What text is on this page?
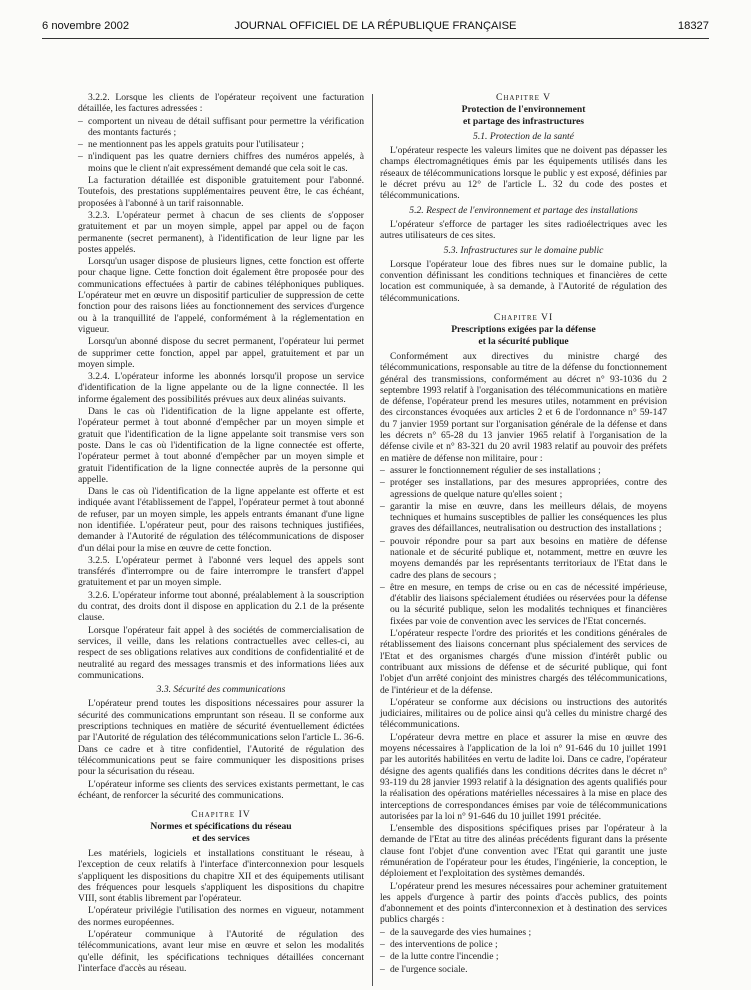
6 novembre 2002	JOURNAL OFFICIEL DE LA RÉPUBLIQUE FRANÇAISE	18327

3.2.2. Lorsque les clients de l'opérateur reçoivent une facturation détaillée, les factures adressées :

– comportent un niveau de détail suffisant pour permettre la vérification des montants facturés ;

– ne mentionnent pas les appels gratuits pour l'utilisateur ;

– n'indiquent pas les quatre derniers chiffres des numéros appelés, à moins que le client n'ait expressément demandé que cela soit le cas.

La facturation détaillée est disponible gratuitement pour l'abonné. Toutefois, des prestations supplémentaires peuvent être, le cas échéant, proposées à l'abonné à un tarif raisonnable.

3.2.3. L'opérateur permet à chacun de ses clients de s'opposer gratuitement et par un moyen simple, appel par appel ou de façon permanente (secret permanent), à l'identification de leur ligne par les postes appelés.

Lorsqu'un usager dispose de plusieurs lignes, cette fonction est offerte pour chaque ligne. Cette fonction doit également être proposée pour des communications effectuées à partir de cabines téléphoniques publiques. L'opérateur met en œuvre un dispositif particulier de suppression de cette fonction pour des raisons liées au fonctionnement des services d'urgence ou à la tranquillité de l'appelé, conformément à la réglementation en vigueur.

Lorsqu'un abonné dispose du secret permanent, l'opérateur lui permet de supprimer cette fonction, appel par appel, gratuitement et par un moyen simple.

3.2.4. L'opérateur informe les abonnés lorsqu'il propose un service d'identification de la ligne appelante ou de la ligne connectée. Il les informe également des possibilités prévues aux deux alinéas suivants.

Dans le cas où l'identification de la ligne appelante est offerte, l'opérateur permet à tout abonné d'empêcher par un moyen simple et gratuit que l'identification de la ligne appelante soit transmise vers son poste. Dans le cas où l'identification de la ligne connectée est offerte, l'opérateur permet à tout abonné d'empêcher par un moyen simple et gratuit l'identification de la ligne connectée auprès de la personne qui appelle.

Dans le cas où l'identification de la ligne appelante est offerte et est indiquée avant l'établissement de l'appel, l'opérateur permet à tout abonné de refuser, par un moyen simple, les appels entrants émanant d'une ligne non identifiée. L'opérateur peut, pour des raisons techniques justifiées, demander à l'Autorité de régulation des télécommunications de disposer d'un délai pour la mise en œuvre de cette fonction.

3.2.5. L'opérateur permet à l'abonné vers lequel des appels sont transférés d'interrompre ou de faire interrompre le transfert d'appel gratuitement et par un moyen simple.

3.2.6. L'opérateur informe tout abonné, préalablement à la souscription du contrat, des droits dont il dispose en application du 2.1 de la présente clause.

Lorsque l'opérateur fait appel à des sociétés de commercialisation de services, il veille, dans les relations contractuelles avec celles-ci, au respect de ses obligations relatives aux conditions de confidentialité et de neutralité au regard des messages transmis et des informations liées aux communications.

3.3. Sécurité des communications

L'opérateur prend toutes les dispositions nécessaires pour assurer la sécurité des communications empruntant son réseau. Il se conforme aux prescriptions techniques en matière de sécurité éventuellement édictées par l'Autorité de régulation des télécommunications selon l'article L. 36-6. Dans ce cadre et à titre confidentiel, l'Autorité de régulation des télécommunications peut se faire communiquer les dispositions prises pour la sécurisation du réseau.

L'opérateur informe ses clients des services existants permettant, le cas échéant, de renforcer la sécurité des communications.

Chapitre IV
Normes et spécifications du réseau
et des services

Les matériels, logiciels et installations constituant le réseau, à l'exception de ceux relatifs à l'interface d'interconnexion pour lesquels s'appliquent les dispositions du chapitre XII et des équipements utilisant des fréquences pour lesquels s'appliquent les dispositions du chapitre VIII, sont établis librement par l'opérateur.

L'opérateur privilégie l'utilisation des normes en vigueur, notamment des normes européennes.

L'opérateur communique à l'Autorité de régulation des télécommunications, avant leur mise en œuvre et selon les modalités qu'elle définit, les spécifications techniques détaillées concernant l'interface d'accès au réseau.

Chapitre V
Protection de l'environnement
et partage des infrastructures
5.1. Protection de la santé

L'opérateur respecte les valeurs limites que ne doivent pas dépasser les champs électromagnétiques émis par les équipements utilisés dans les réseaux de télécommunications lorsque le public y est exposé, définies par le décret prévu au 12° de l'article L. 32 du code des postes et télécommunications.

5.2. Respect de l'environnement et partage des installations

L'opérateur s'efforce de partager les sites radioélectriques avec les autres utilisateurs de ces sites.

5.3. Infrastructures sur le domaine public

Lorsque l'opérateur loue des fibres nues sur le domaine public, la convention définissant les conditions techniques et financières de cette location est communiquée, à sa demande, à l'Autorité de régulation des télécommunications.

Chapitre VI
Prescriptions exigées par la défense
et la sécurité publique

Conformément aux directives du ministre chargé des télécommunications, responsable au titre de la défense du fonctionnement général des transmissions, conformément au décret n° 93-1036 du 2 septembre 1993 relatif à l'organisation des télécommunications en matière de défense, l'opérateur prend les mesures utiles, notamment en prévision des circonstances évoquées aux articles 2 et 6 de l'ordonnance n° 59-147 du 7 janvier 1959 portant sur l'organisation générale de la défense et dans les décrets n° 65-28 du 13 janvier 1965 relatif à l'organisation de la défense civile et n° 83-321 du 20 avril 1983 relatif au pouvoir des préfets en matière de défense non militaire, pour :

– assurer le fonctionnement régulier de ses installations ;

– protéger ses installations, par des mesures appropriées, contre des agressions de quelque nature qu'elles soient ;

– garantir la mise en œuvre, dans les meilleurs délais, de moyens techniques et humains susceptibles de pallier les conséquences les plus graves des défaillances, neutralisation ou destruction des installations ;

– pouvoir répondre pour sa part aux besoins en matière de défense nationale et de sécurité publique et, notamment, mettre en œuvre les moyens demandés par les représentants territoriaux de l'Etat dans le cadre des plans de secours ;

– être en mesure, en temps de crise ou en cas de nécessité impérieuse, d'établir des liaisons spécialement étudiées ou réservées pour la défense ou la sécurité publique, selon les modalités techniques et financières fixées par voie de convention avec les services de l'Etat concernés.

L'opérateur respecte l'ordre des priorités et les conditions générales de rétablissement des liaisons concernant plus spécialement des services de l'Etat et des organismes chargés d'une mission d'intérêt public ou contribuant aux missions de défense et de sécurité publique, qui font l'objet d'un arrêté conjoint des ministres chargés des télécommunications, de l'intérieur et de la défense.

L'opérateur se conforme aux décisions ou instructions des autorités judiciaires, militaires ou de police ainsi qu'à celles du ministre chargé des télécommunications.

L'opérateur devra mettre en place et assurer la mise en œuvre des moyens nécessaires à l'application de la loi n° 91-646 du 10 juillet 1991 par les autorités habilitées en vertu de ladite loi. Dans ce cadre, l'opérateur désigne des agents qualifiés dans les conditions décrites dans le décret n° 93-119 du 28 janvier 1993 relatif à la désignation des agents qualifiés pour la réalisation des opérations matérielles nécessaires à la mise en place des interceptions de correspondances émises par voie de télécommunications autorisées par la loi n° 91-646 du 10 juillet 1991 précitée.

L'ensemble des dispositions spécifiques prises par l'opérateur à la demande de l'Etat au titre des alinéas précédents figurant dans la présente clause font l'objet d'une convention avec l'Etat qui garantit une juste rémunération de l'opérateur pour les études, l'ingénierie, la conception, le déploiement et l'exploitation des systèmes demandés.

L'opérateur prend les mesures nécessaires pour acheminer gratuitement les appels d'urgence à partir des points d'accès publics, des points d'abonnement et des points d'interconnexion et à destination des services publics chargés :

– de la sauvegarde des vies humaines ;

– des interventions de police ;

– de la lutte contre l'incendie ;

– de l'urgence sociale.
